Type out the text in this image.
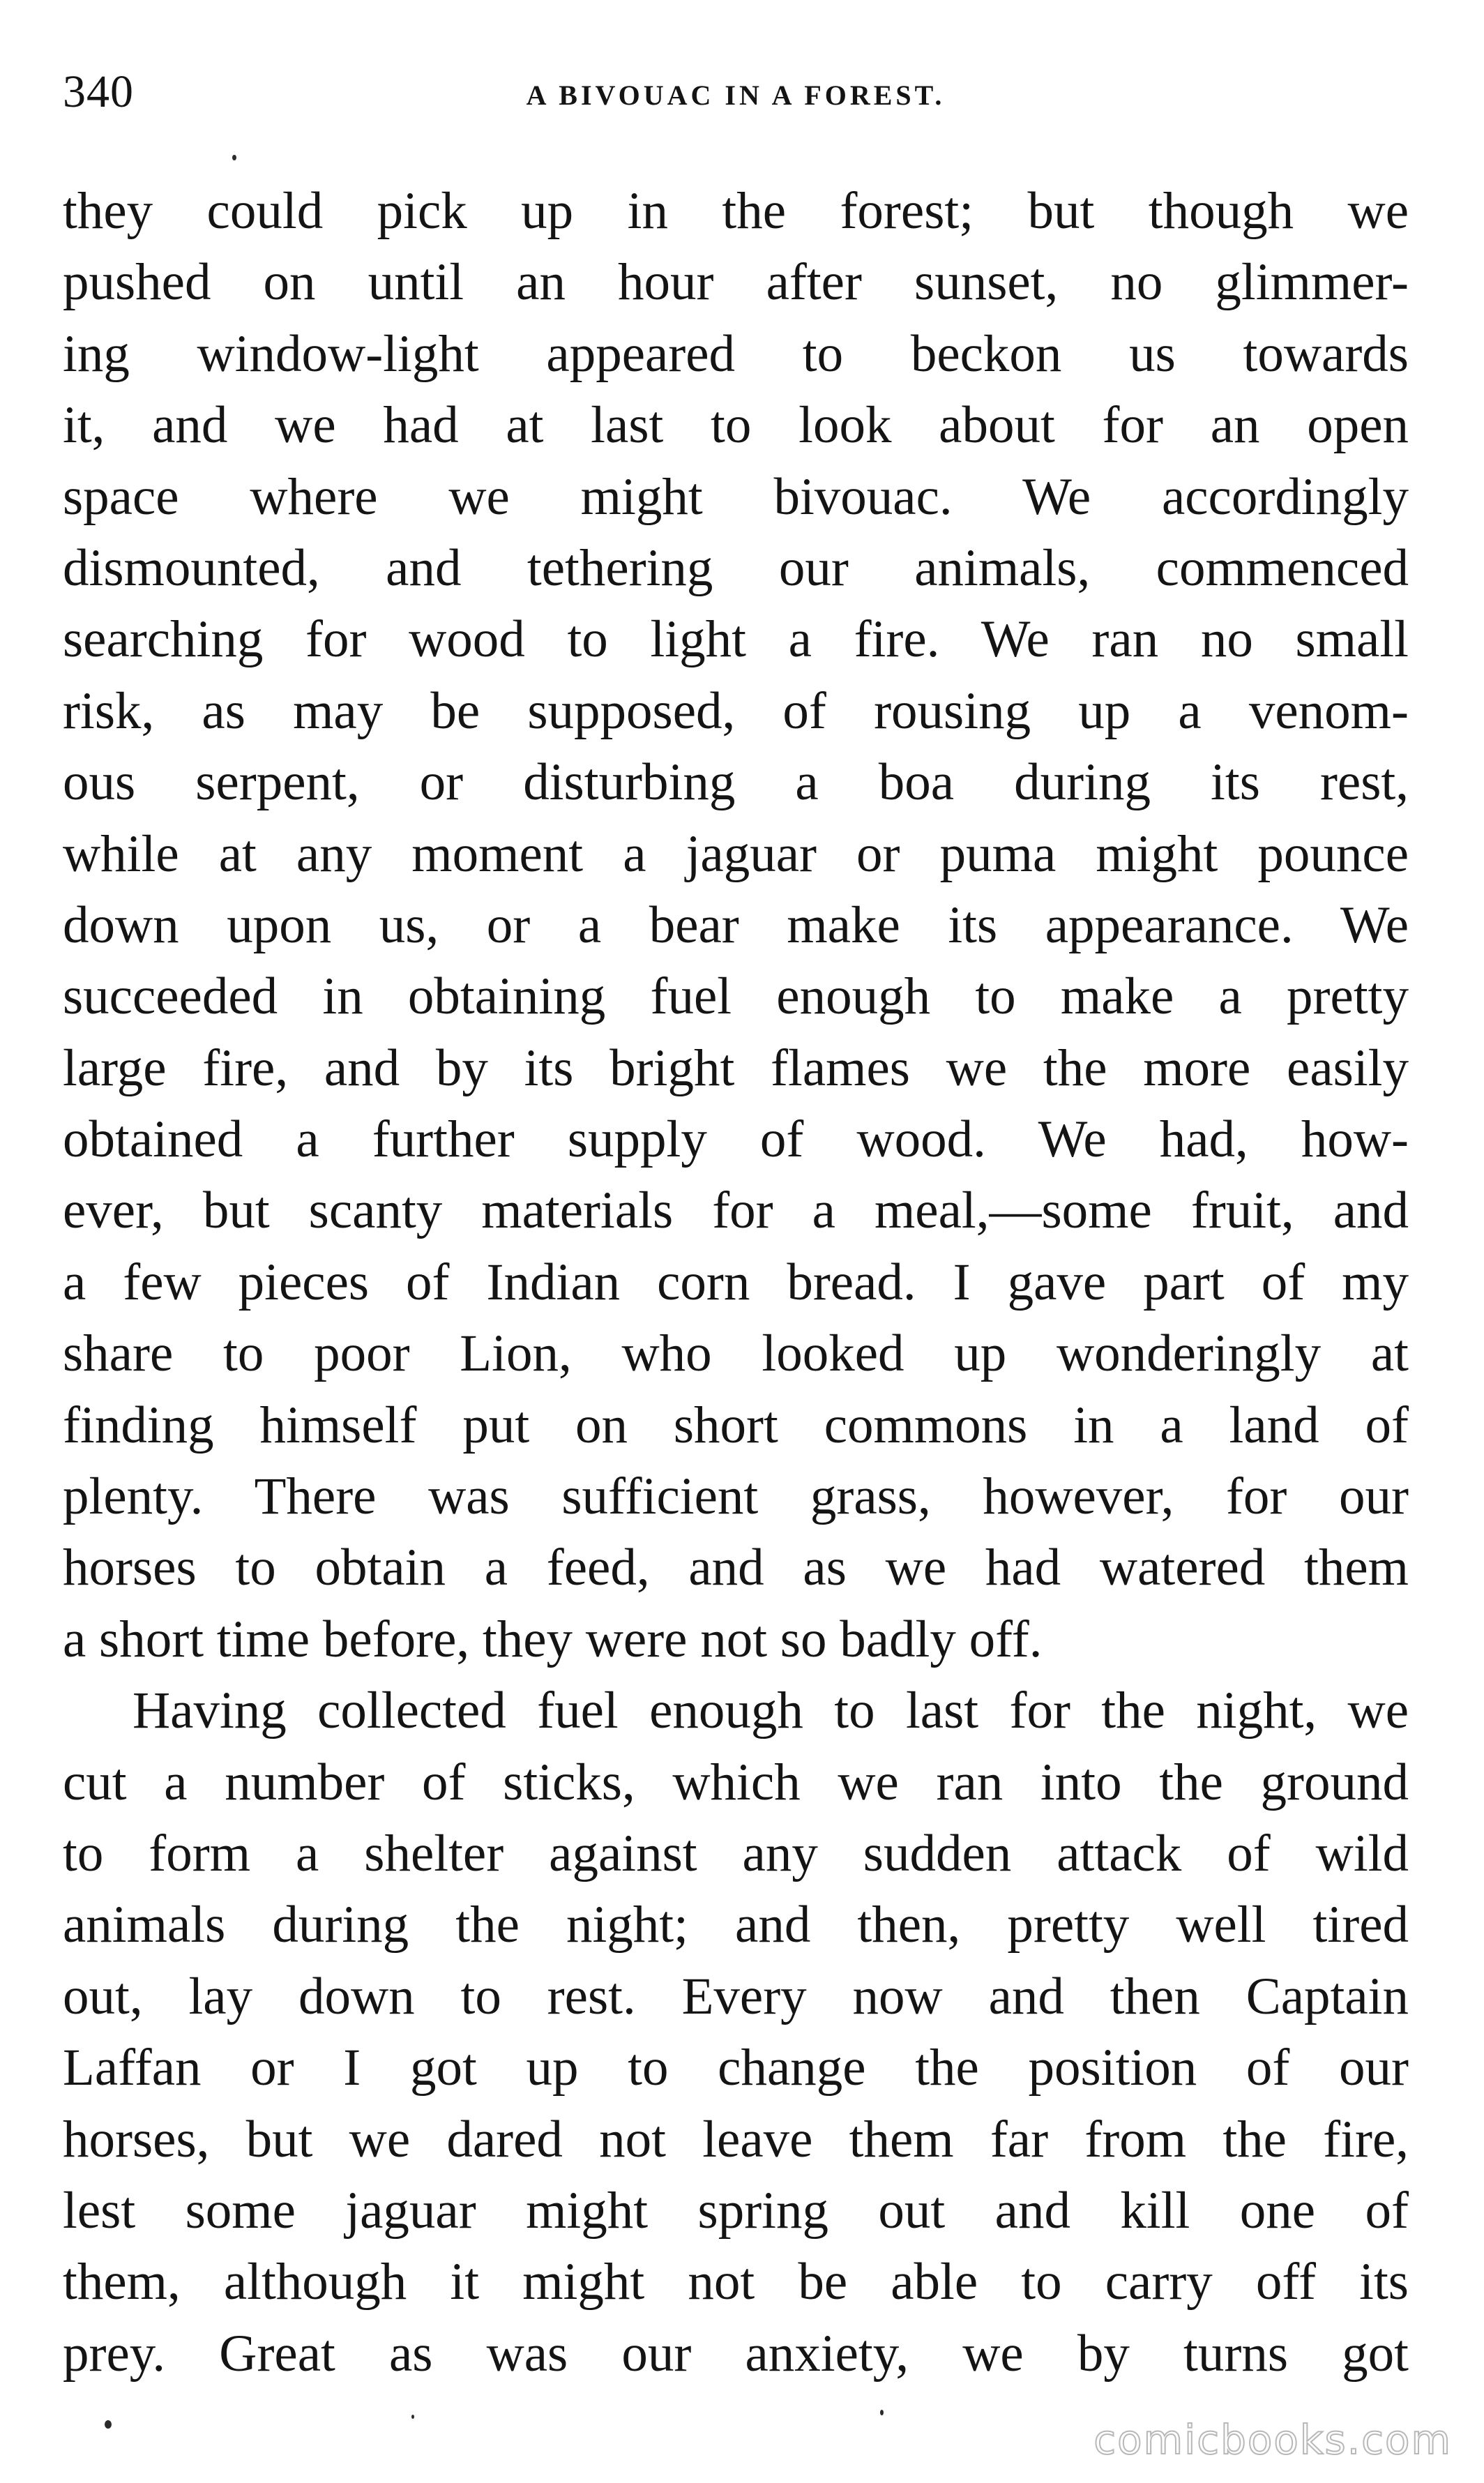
340	A BIVOUAC IN A FOREST.
they could pick up in the forest; but though we
pushed on until an hour after sunset, no glimmer-
ing window-light appeared to beckon us towards
it, and we had at last to look about for an open
space where we might bivouac. We accordingly
dismounted, and tethering our animals, commenced
searching for wood to light a fire. We ran no small
risk, as may be supposed, of rousing up a venom-
ous serpent, or disturbing a boa during its rest,
while at any moment a jaguar or puma might pounce
down upon us, or a bear make its appearance. We
succeeded in obtaining fuel enough to make a pretty
large fire, and by its bright flames we the more easily
obtained a further supply of wood. We had, how-
ever, but scanty materials for a meal,—some fruit, and
a few pieces of Indian corn bread. I gave part of my
share to poor Lion, who looked up wonderingly at
finding himself put on short commons in a land of
plenty. There was sufficient grass, however, for our
horses to obtain a feed, and as we had watered them
a short time before, they were not so badly off.
Having collected fuel enough to last for the night, we
cut a number of sticks, which we ran into the ground
to form a shelter against any sudden attack of wild
animals during the night; and then, pretty well tired
out, lay down to rest. Every now and then Captain
Laffan or I got up to change the position of our
horses, but we dared not leave them far from the fire,
lest some jaguar might spring out and kill one of
them, although it might not be able to carry off its
prey. Great as was our anxiety, we by turns got
comicbooks.com
